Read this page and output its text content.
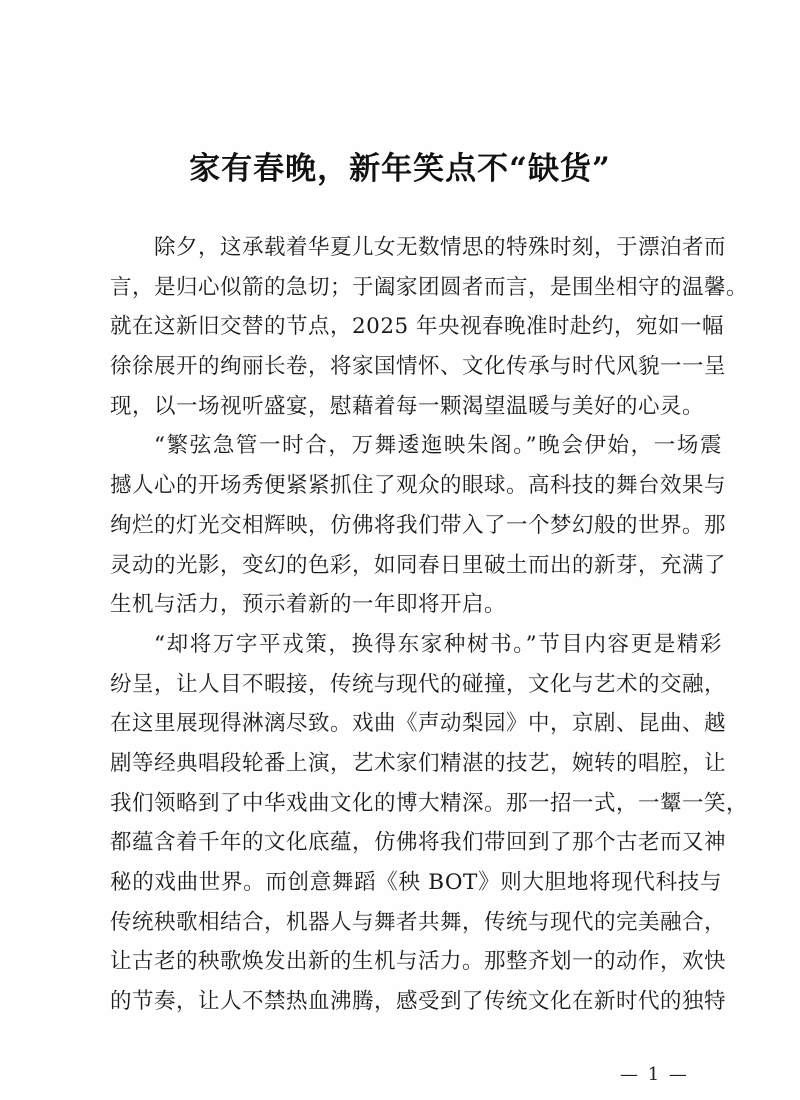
家有春晚，新年笑点不“缺货”
除夕，这承载着华夏儿女无数情思的特殊时刻，于漂泊者而
言，是归心似箭的急切；于阖家团圆者而言，是围坐相守的温馨。
就在这新旧交替的节点，2025 年央视春晚准时赴约，宛如一幅
徐徐展开的绚丽长卷，将家国情怀、文化传承与时代风貌一一呈
现，以一场视听盛宴，慰藉着每一颗渴望温暖与美好的心灵。
“繁弦急管一时合，万舞逶迤映朱阁。”晚会伊始，一场震
撼人心的开场秀便紧紧抓住了观众的眼球。高科技的舞台效果与
绚烂的灯光交相辉映，仿佛将我们带入了一个梦幻般的世界。那
灵动的光影，变幻的色彩，如同春日里破土而出的新芽，充满了
生机与活力，预示着新的一年即将开启。
“却将万字平戎策，换得东家种树书。”节目内容更是精彩
纷呈，让人目不暇接，传统与现代的碰撞，文化与艺术的交融，
在这里展现得淋漓尽致。戏曲《声动梨园》中，京剧、昆曲、越
剧等经典唱段轮番上演，艺术家们精湛的技艺，婉转的唱腔，让
我们领略到了中华戏曲文化的博大精深。那一招一式，一颦一笑，
都蕴含着千年的文化底蕴，仿佛将我们带回到了那个古老而又神
秘的戏曲世界。而创意舞蹈《秧 BOT》则大胆地将现代科技与
传统秧歌相结合，机器人与舞者共舞，传统与现代的完美融合，
让古老的秧歌焕发出新的生机与活力。那整齐划一的动作，欢快
的节奏，让人不禁热血沸腾，感受到了传统文化在新时代的独特
— 1 —
